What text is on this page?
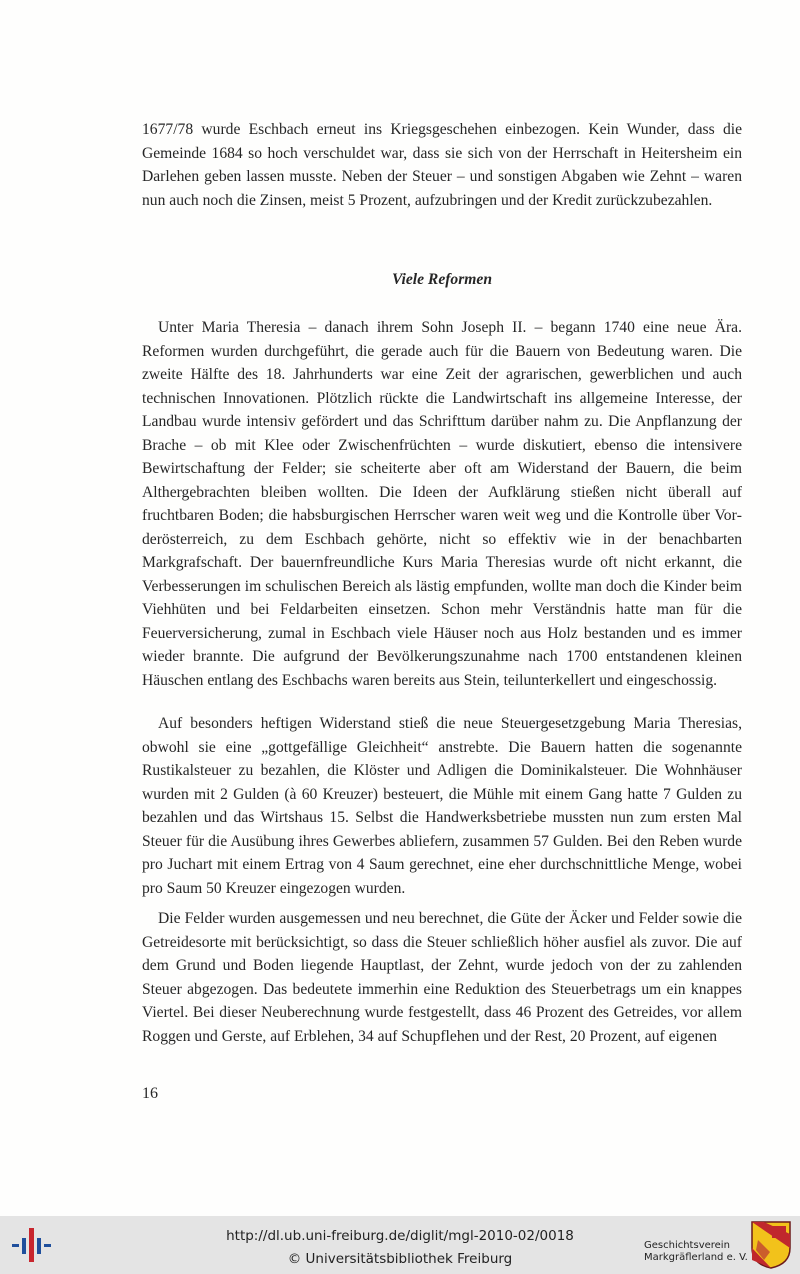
1677/78 wurde Eschbach erneut ins Kriegsgeschehen einbezogen. Kein Wunder, dass die Gemeinde 1684 so hoch verschuldet war, dass sie sich von der Herrschaft in Heitersheim ein Darlehen geben lassen musste. Neben der Steuer – und sonstigen Abgaben wie Zehnt – waren nun auch noch die Zinsen, meist 5 Prozent, aufzubringen und der Kredit zurückzubezahlen.

Viele Reformen

Unter Maria Theresia – danach ihrem Sohn Joseph II. – begann 1740 eine neue Ära. Reformen wurden durchgeführt, die gerade auch für die Bauern von Bedeutung waren. Die zweite Hälfte des 18. Jahrhunderts war eine Zeit der agrarischen, gewerblichen und auch technischen Innovationen. Plötzlich rückte die Landwirtschaft ins allgemeine Interesse, der Landbau wurde intensiv gefördert und das Schrifttum darüber nahm zu. Die Anpflanzung der Brache – ob mit Klee oder Zwischenfrüchten – wurde diskutiert, ebenso die intensivere Bewirtschaftung der Felder; sie scheiterte aber oft am Widerstand der Bauern, die beim Althergebrachten bleiben wollten. Die Ideen der Aufklärung stießen nicht überall auf fruchtbaren Boden; die habsburgischen Herrscher waren weit weg und die Kontrolle über Vorderösterreich, zu dem Eschbach gehörte, nicht so effektiv wie in der benachbarten Markgrafschaft. Der bauernfreundliche Kurs Maria Theresias wurde oft nicht erkannt, die Verbesserungen im schulischen Bereich als lästig empfunden, wollte man doch die Kinder beim Viehhüten und bei Feldarbeiten einsetzen. Schon mehr Verständnis hatte man für die Feuerversicherung, zumal in Eschbach viele Häuser noch aus Holz bestanden und es immer wieder brannte. Die aufgrund der Bevölkerungszunahme nach 1700 entstandenen kleinen Häuschen entlang des Eschbachs waren bereits aus Stein, teilunterkellert und eingeschossig.

Auf besonders heftigen Widerstand stieß die neue Steuergesetzgebung Maria Theresias, obwohl sie eine „gottgefällige Gleichheit“ anstrebte. Die Bauern hatten die sogenannte Rustikalsteuer zu bezahlen, die Klöster und Adligen die Dominikalsteuer. Die Wohnhäuser wurden mit 2 Gulden (à 60 Kreuzer) besteuert, die Mühle mit einem Gang hatte 7 Gulden zu bezahlen und das Wirtshaus 15. Selbst die Handwerksbetriebe mussten nun zum ersten Mal Steuer für die Ausübung ihres Gewerbes abliefern, zusammen 57 Gulden. Bei den Reben wurde pro Juchart mit einem Ertrag von 4 Saum gerechnet, eine eher durchschnittliche Menge, wobei pro Saum 50 Kreuzer eingezogen wurden.

Die Felder wurden ausgemessen und neu berechnet, die Güte der Äcker und Felder sowie die Getreidesorte mit berücksichtigt, so dass die Steuer schließlich höher ausfiel als zuvor. Die auf dem Grund und Boden liegende Hauptlast, der Zehnt, wurde jedoch von der zu zahlenden Steuer abgezogen. Das bedeutete immerhin eine Reduktion des Steuerbetrags um ein knappes Viertel. Bei dieser Neuberechnung wurde festgestellt, dass 46 Prozent des Getreides, vor allem Roggen und Gerste, auf Erblehen, 34 auf Schupflehen und der Rest, 20 Prozent, auf eigenen

16
http://dl.ub.uni-freiburg.de/diglit/mgl-2010-02/0018
© Universitätsbibliothek Freiburg
Geschichtsverein
Markgräflerland e. V.
